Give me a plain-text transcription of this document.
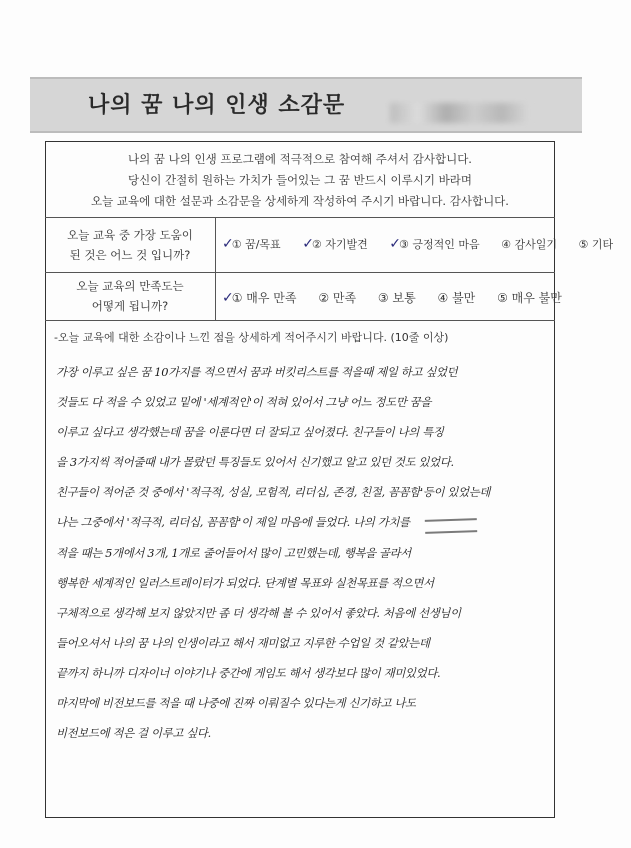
나의 꿈 나의 인생 소감문
나의 꿈 나의 인생 프로그램에 적극적으로 참여해 주셔서 감사합니다.
당신이 간절히 원하는 가치가 들어있는 그 꿈 반드시 이루시기 바라며
오늘 교육에 대한 설문과 소감문을 상세하게 작성하여 주시기 바랍니다. 감사합니다.
오늘 교육 중 가장 도움이
된 것은 어느 것 입니까?
✓① 꿈/목표 ✓② 자기발견 ✓③ 긍정적인 마음 ④ 감사일기 ⑤ 기타
오늘 교육의 만족도는
어떻게 됩니까?	✓① 매우 만족 ② 만족 ③ 보통 ④ 불만 ⑤ 매우 불만
-오늘 교육에 대한 소감이나 느낀 점을 상세하게 적어주시기 바랍니다. (10줄 이상)
가장 이루고 싶은 꿈 10가지를 적으면서 꿈과 버킷리스트를 적을때 제일 하고 싶었던
것들도 다 적을 수 있었고 밑에 '세계적인'이 적혀 있어서 그냥 어느 정도만 꿈을
이루고 싶다고 생각했는데 꿈을 이룬다면 더 잘되고 싶어졌다. 친구들이 나의 특징
을 3가지씩 적어줄때 내가 몰랐던 특징들도 있어서 신기했고 알고 있던 것도 있었다.
친구들이 적어준 것 중에서 '적극적, 성실, 모험적, 리더십, 존경, 친절, 꼼꼼함'등이 있었는데
나는 그중에서 '적극적, 리더십, 꼼꼼함'이 제일 마음에 들었다. 나의 가치를
적을 때는 5개에서 3개, 1개로 줄어들어서 많이 고민했는데, 행복을 골라서
행복한 세계적인 일러스트레이터가 되었다. 단계별 목표와 실천목표를 적으면서
구체적으로 생각해 보지 않았지만 좀 더 생각해 볼 수 있어서 좋았다. 처음에 선생님이
들어오셔서 나의 꿈 나의 인생이라고 해서 재미없고 지루한 수업일 것 같았는데
끝까지 하니까 디자이너 이야기나 중간에 게임도 해서 생각보다 많이 재미있었다.
마지막에 비전보드를 적을 때 나중에 진짜 이뤄질수 있다는게 신기하고 나도
비전보드에 적은 걸 이루고 싶다.
